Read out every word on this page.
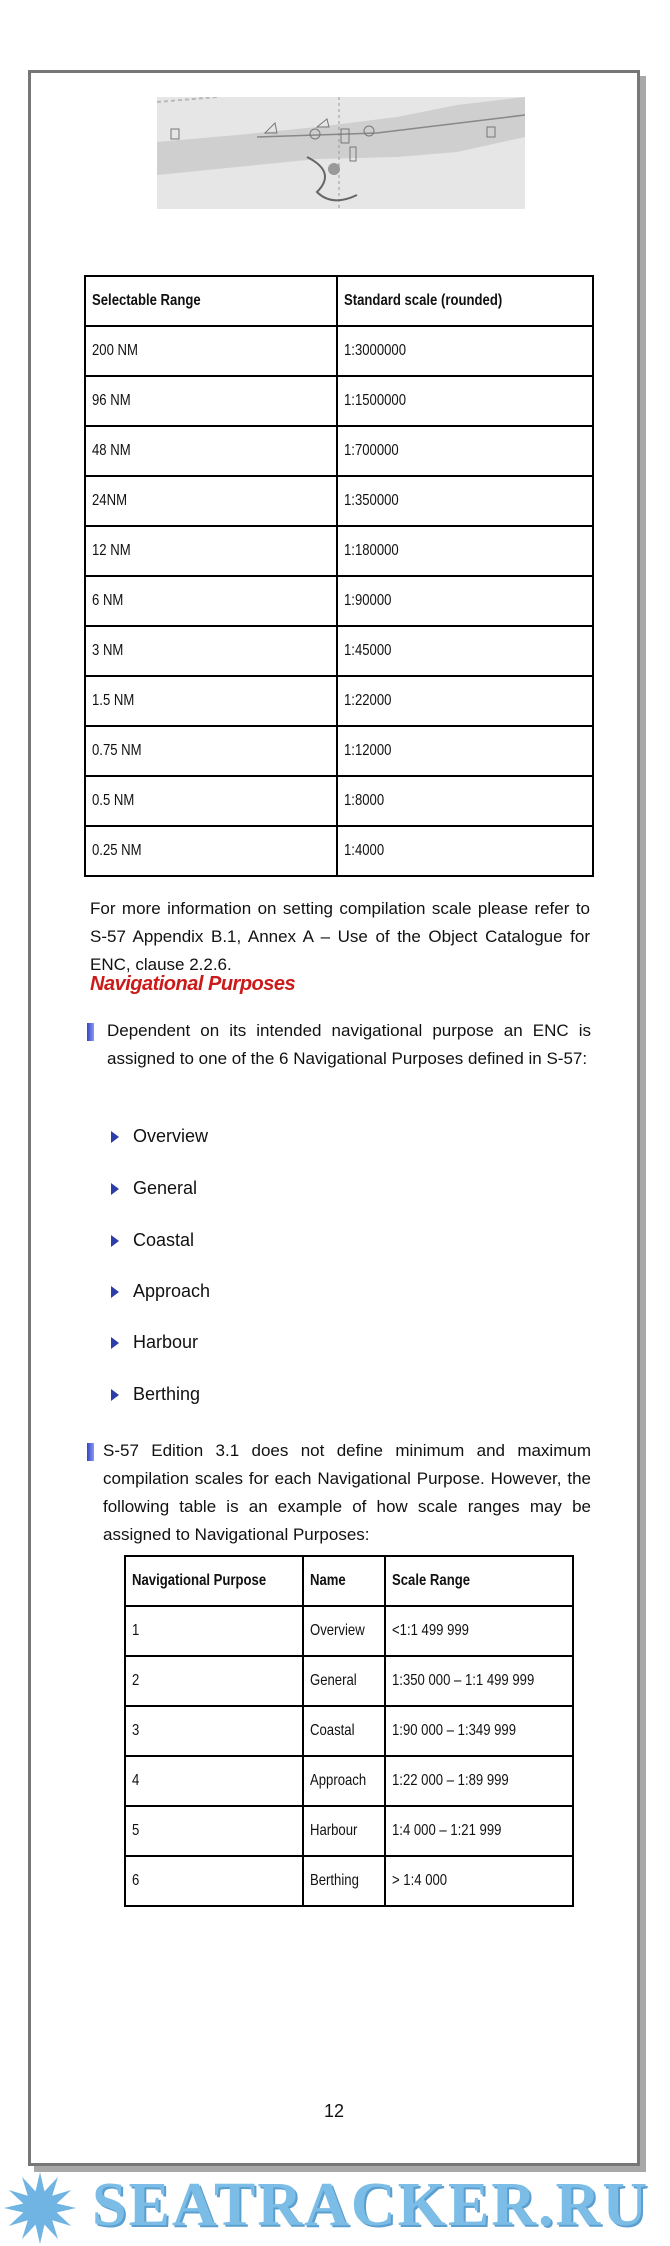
Selectable Range	Standard scale (rounded)
200 NM	1:3000000
96 NM	1:1500000
48 NM	1:700000
24NM	1:350000
12 NM	1:180000
6 NM	1:90000
3 NM	1:45000
1.5 NM	1:22000
0.75 NM	1:12000
0.5 NM	1:8000
0.25 NM	1:4000
For more information on setting compilation scale please refer to S-57 Appendix B.1, Annex A – Use of the Object Catalogue for ENC, clause 2.2.6.
Navigational Purposes
Dependent on its intended navigational purpose an ENC is assigned to one of the 6 Navigational Purposes defined in S-57:
Overview
General
Coastal
Approach
Harbour
Berthing
S-57 Edition 3.1 does not define minimum and maximum compilation scales for each Navigational Purpose. However, the following table is an example of how scale ranges may be assigned to Navigational Purposes:
Navigational Purpose	Name	Scale Range
1	Overview	<1:1 499 999
2	General	1:350 000 – 1:1 499 999
3	Coastal	1:90 000 – 1:349 999
4	Approach	1:22 000 – 1:89 999
5	Harbour	1:4 000 – 1:21 999
6	Berthing	> 1:4 000
12
SEATRACKER.RU
